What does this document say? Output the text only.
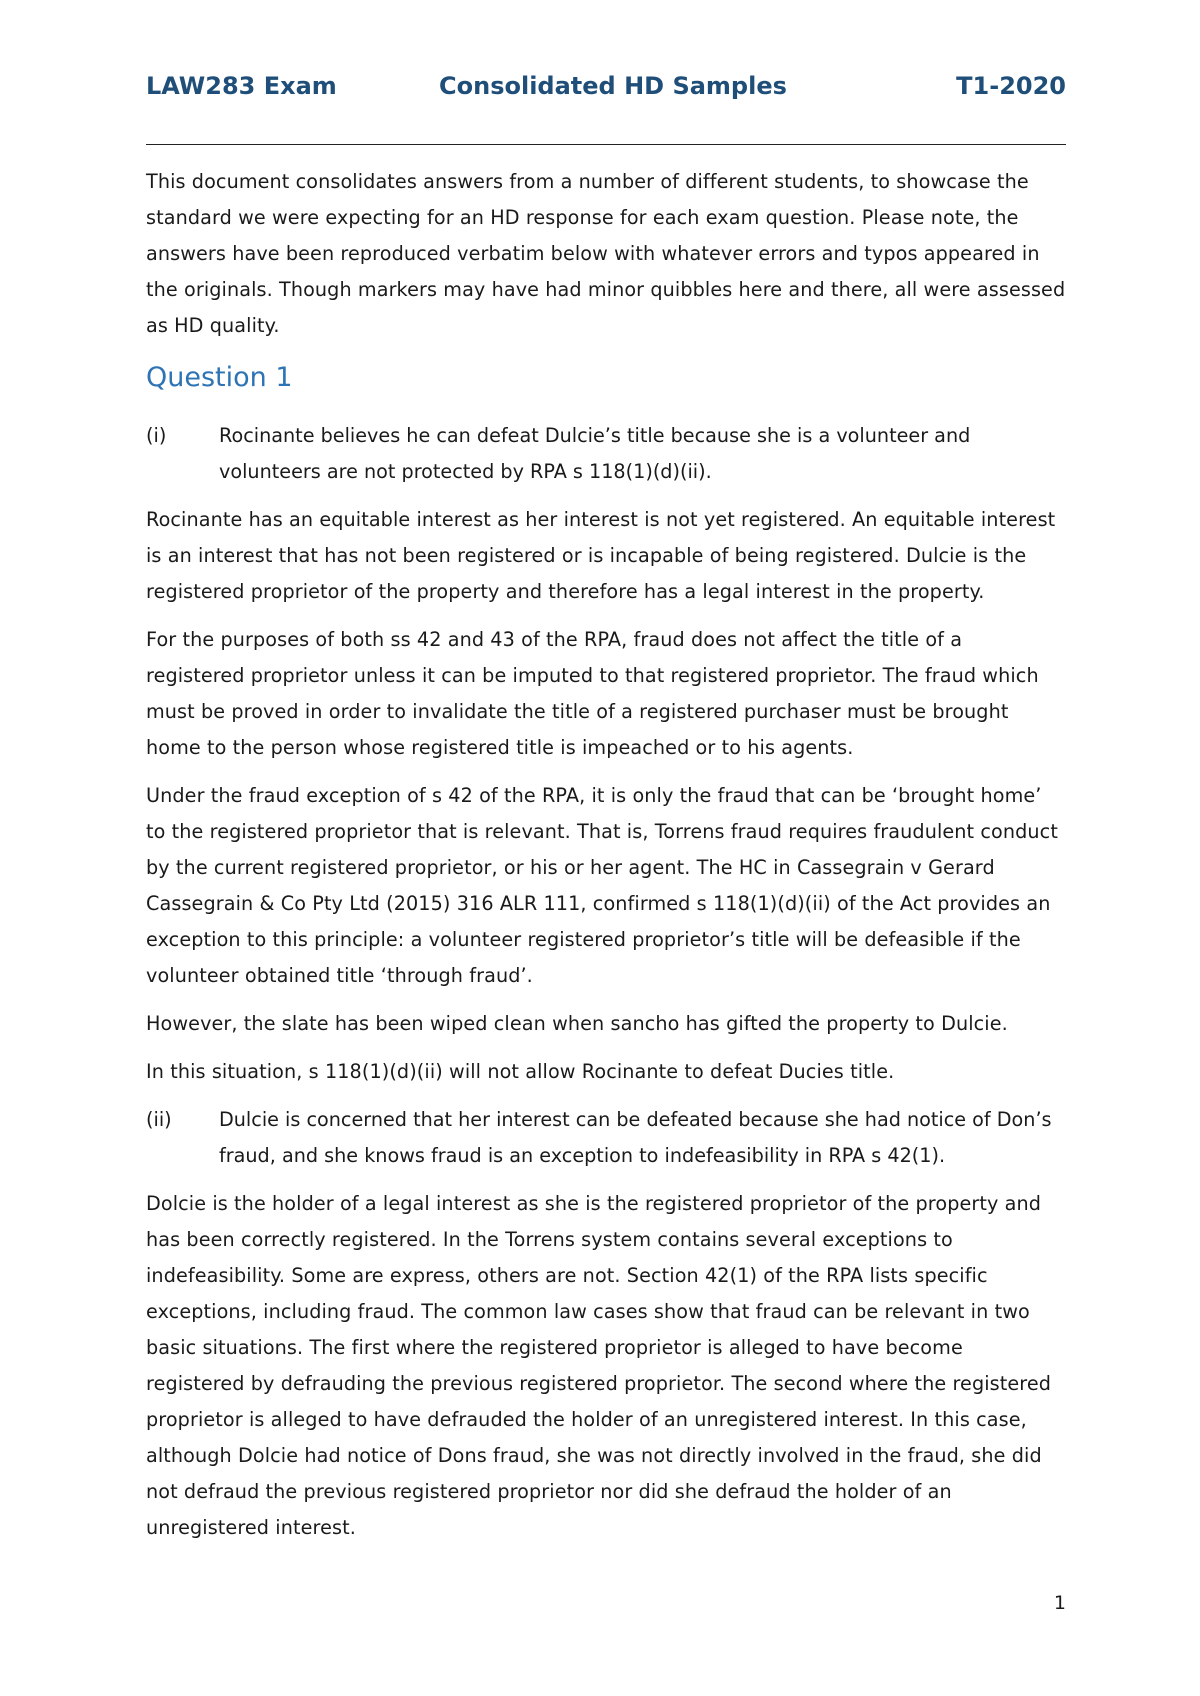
LAW283 Exam	Consolidated HD Samples	T1-2020

This document consolidates answers from a number of different students, to showcase the standard we were expecting for an HD response for each exam question. Please note, the answers have been reproduced verbatim below with whatever errors and typos appeared in the originals. Though markers may have had minor quibbles here and there, all were assessed as HD quality.

Question 1
(i)	Rocinante believes he can defeat Dulcie’s title because she is a volunteer and volunteers are not protected by RPA s 118(1)(d)(ii).

Rocinante has an equitable interest as her interest is not yet registered. An equitable interest is an interest that has not been registered or is incapable of being registered. Dulcie is the registered proprietor of the property and therefore has a legal interest in the property.

For the purposes of both ss 42 and 43 of the RPA, fraud does not affect the title of a registered proprietor unless it can be imputed to that registered proprietor. The fraud which must be proved in order to invalidate the title of a registered purchaser must be brought home to the person whose registered title is impeached or to his agents.

Under the fraud exception of s 42 of the RPA, it is only the fraud that can be ‘brought home’ to the registered proprietor that is relevant. That is, Torrens fraud requires fraudulent conduct by the current registered proprietor, or his or her agent. The HC in Cassegrain v Gerard Cassegrain & Co Pty Ltd (2015) 316 ALR 111, confirmed s 118(1)(d)(ii) of the Act provides an exception to this principle: a volunteer registered proprietor’s title will be defeasible if the volunteer obtained title ‘through fraud’.

However, the slate has been wiped clean when sancho has gifted the property to Dulcie.

In this situation, s 118(1)(d)(ii) will not allow Rocinante to defeat Ducies title.

(ii)	Dulcie is concerned that her interest can be defeated because she had notice of Don’s fraud, and she knows fraud is an exception to indefeasibility in RPA s 42(1).

Dolcie is the holder of a legal interest as she is the registered proprietor of the property and has been correctly registered. In the Torrens system contains several exceptions to indefeasibility. Some are express, others are not. Section 42(1) of the RPA lists specific exceptions, including fraud. The common law cases show that fraud can be relevant in two basic situations. The first where the registered proprietor is alleged to have become registered by defrauding the previous registered proprietor. The second where the registered proprietor is alleged to have defrauded the holder of an unregistered interest. In this case, although Dolcie had notice of Dons fraud, she was not directly involved in the fraud, she did not defraud the previous registered proprietor nor did she defraud the holder of an unregistered interest.

1
